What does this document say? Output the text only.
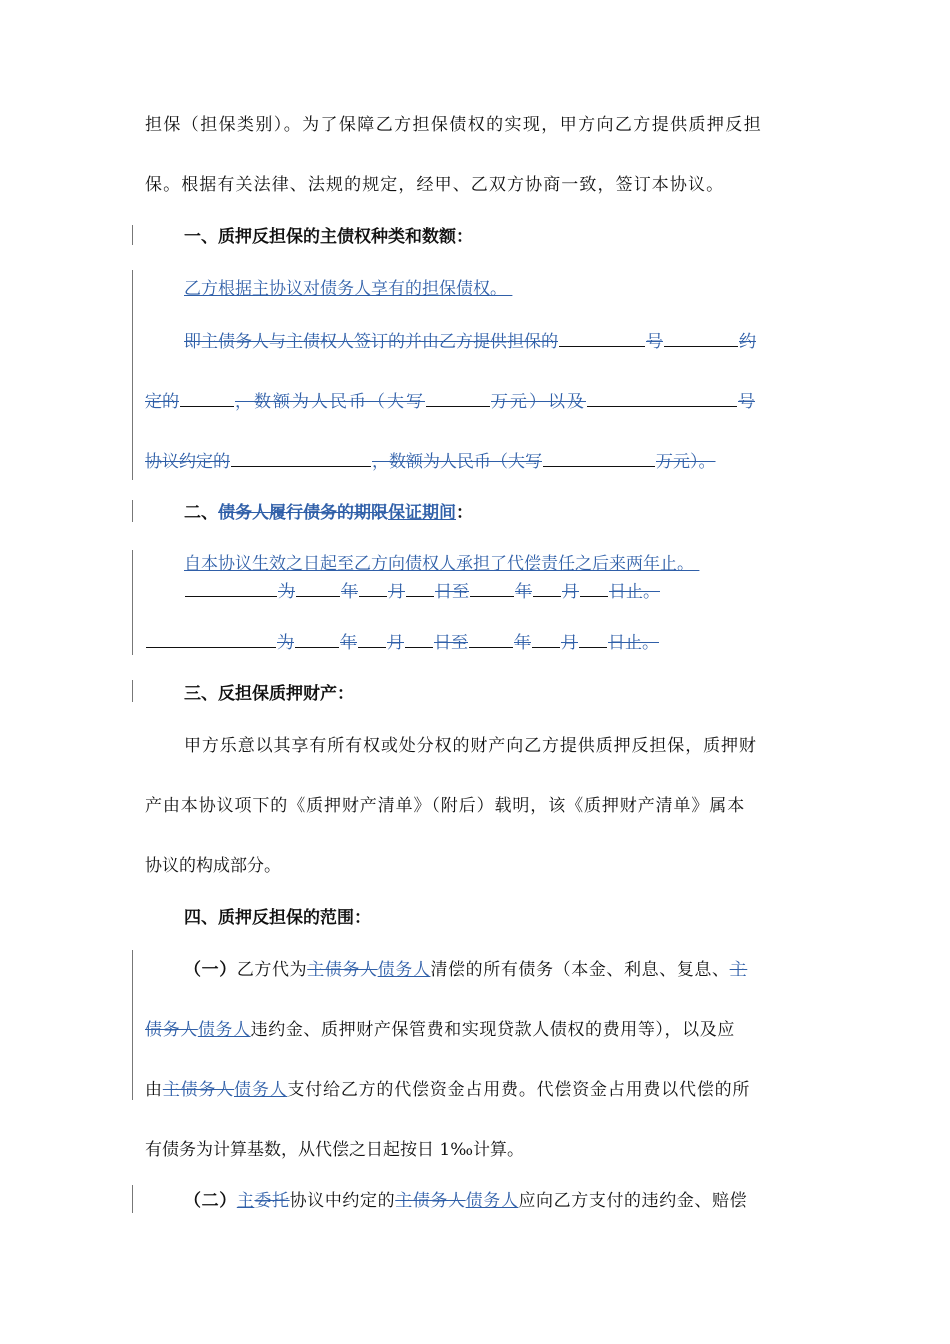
担保（担保类别）。为了保障乙方担保债权的实现，甲方向乙方提供质押反担
保。根据有关法律、法规的规定，经甲、乙双方协商一致，签订本协议。
一、质押反担保的主债权种类和数额：
乙方根据主协议对债务人享有的担保债权。
即主债务人与主债权人签订的并由乙方提供担保的	号	约
定的	，数额为人民币（大写	万元）以及	号
协议约定的	，数额为人民币（大写	万元）。
二、债务人履行债务的期限保证期间：
自本协议生效之日起至乙方向债权人承担了代偿责任之后来两年止。
为	年 月 日至	年 月 日止。
为	年 月 日至	年 月 日止。
三、反担保质押财产：
甲方乐意以其享有所有权或处分权的财产向乙方提供质押反担保，质押财
产由本协议项下的《质押财产清单》（附后）载明，该《质押财产清单》属本
协议的构成部分。
四、质押反担保的范围：
（一）乙方代为主债务人债务人清偿的所有债务（本金、利息、复息、主
债务人债务人违约金、质押财产保管费和实现贷款人债权的费用等），以及应
由主债务人债务人支付给乙方的代偿资金占用费。代偿资金占用费以代偿的所
有债务为计算基数，从代偿之日起按日 1‰计算。
（二）主委托协议中约定的主债务人债务人应向乙方支付的违约金、赔偿
